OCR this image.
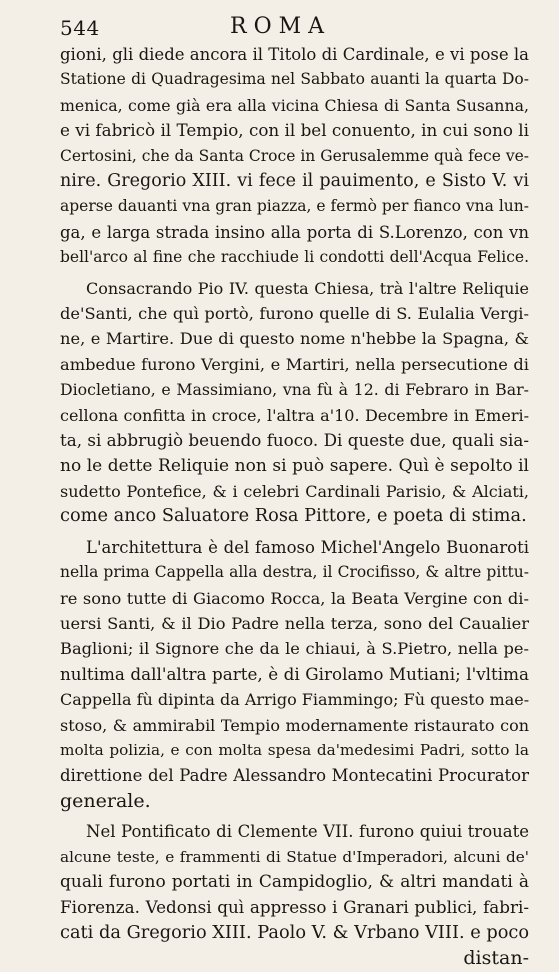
544	ROMA
gioni, gli diede ancora il Titolo di Cardinale, e vi pose la
Statione di Quadragesima nel Sabbato auanti la quarta Do-
menica, come già era alla vicina Chiesa di Santa Susanna,
e vi fabricò il Tempio, con il bel conuento, in cui sono li
Certosini, che da Santa Croce in Gerusalemme quà fece ve-
nire. Gregorio XIII. vi fece il pauimento, e Sisto V. vi
aperse dauanti vna gran piazza, e fermò per fianco vna lun-
ga, e larga strada insino alla porta di S.Lorenzo, con vn
bell'arco al fine che racchiude li condotti dell'Acqua Felice.
Consacrando Pio IV. questa Chiesa, trà l'altre Reliquie
de'Santi, che quì portò, furono quelle di S. Eulalia Vergi-
ne, e Martire. Due di questo nome n'hebbe la Spagna, &
ambedue furono Vergini, e Martiri, nella persecutione di
Diocletiano, e Massimiano, vna fù à 12. di Febraro in Bar-
cellona confitta in croce, l'altra a'10. Decembre in Emeri-
ta, si abbrugiò beuendo fuoco. Di queste due, quali sia-
no le dette Reliquie non si può sapere. Quì è sepolto il
sudetto Pontefice, & i celebri Cardinali Parisio, & Alciati,
come anco Saluatore Rosa Pittore, e poeta di stima.
L'architettura è del famoso Michel'Angelo Buonaroti
nella prima Cappella alla destra, il Crocifisso, & altre pittu-
re sono tutte di Giacomo Rocca, la Beata Vergine con di-
uersi Santi, & il Dio Padre nella terza, sono del Caualier
Baglioni; il Signore che da le chiaui, à S.Pietro, nella pe-
nultima dall'altra parte, è di Girolamo Mutiani; l'vltima
Cappella fù dipinta da Arrigo Fiammingo; Fù questo mae-
stoso, & ammirabil Tempio modernamente ristaurato con
molta polizia, e con molta spesa da'medesimi Padri, sotto la
direttione del Padre Alessandro Montecatini Procurator
generale.
Nel Pontificato di Clemente VII. furono quiui trouate
alcune teste, e frammenti di Statue d'Imperadori, alcuni de'
quali furono portati in Campidoglio, & altri mandati à
Fiorenza. Vedonsi quì appresso i Granari publici, fabri-
cati da Gregorio XIII. Paolo V. & Vrbano VIII. e poco
distan-
